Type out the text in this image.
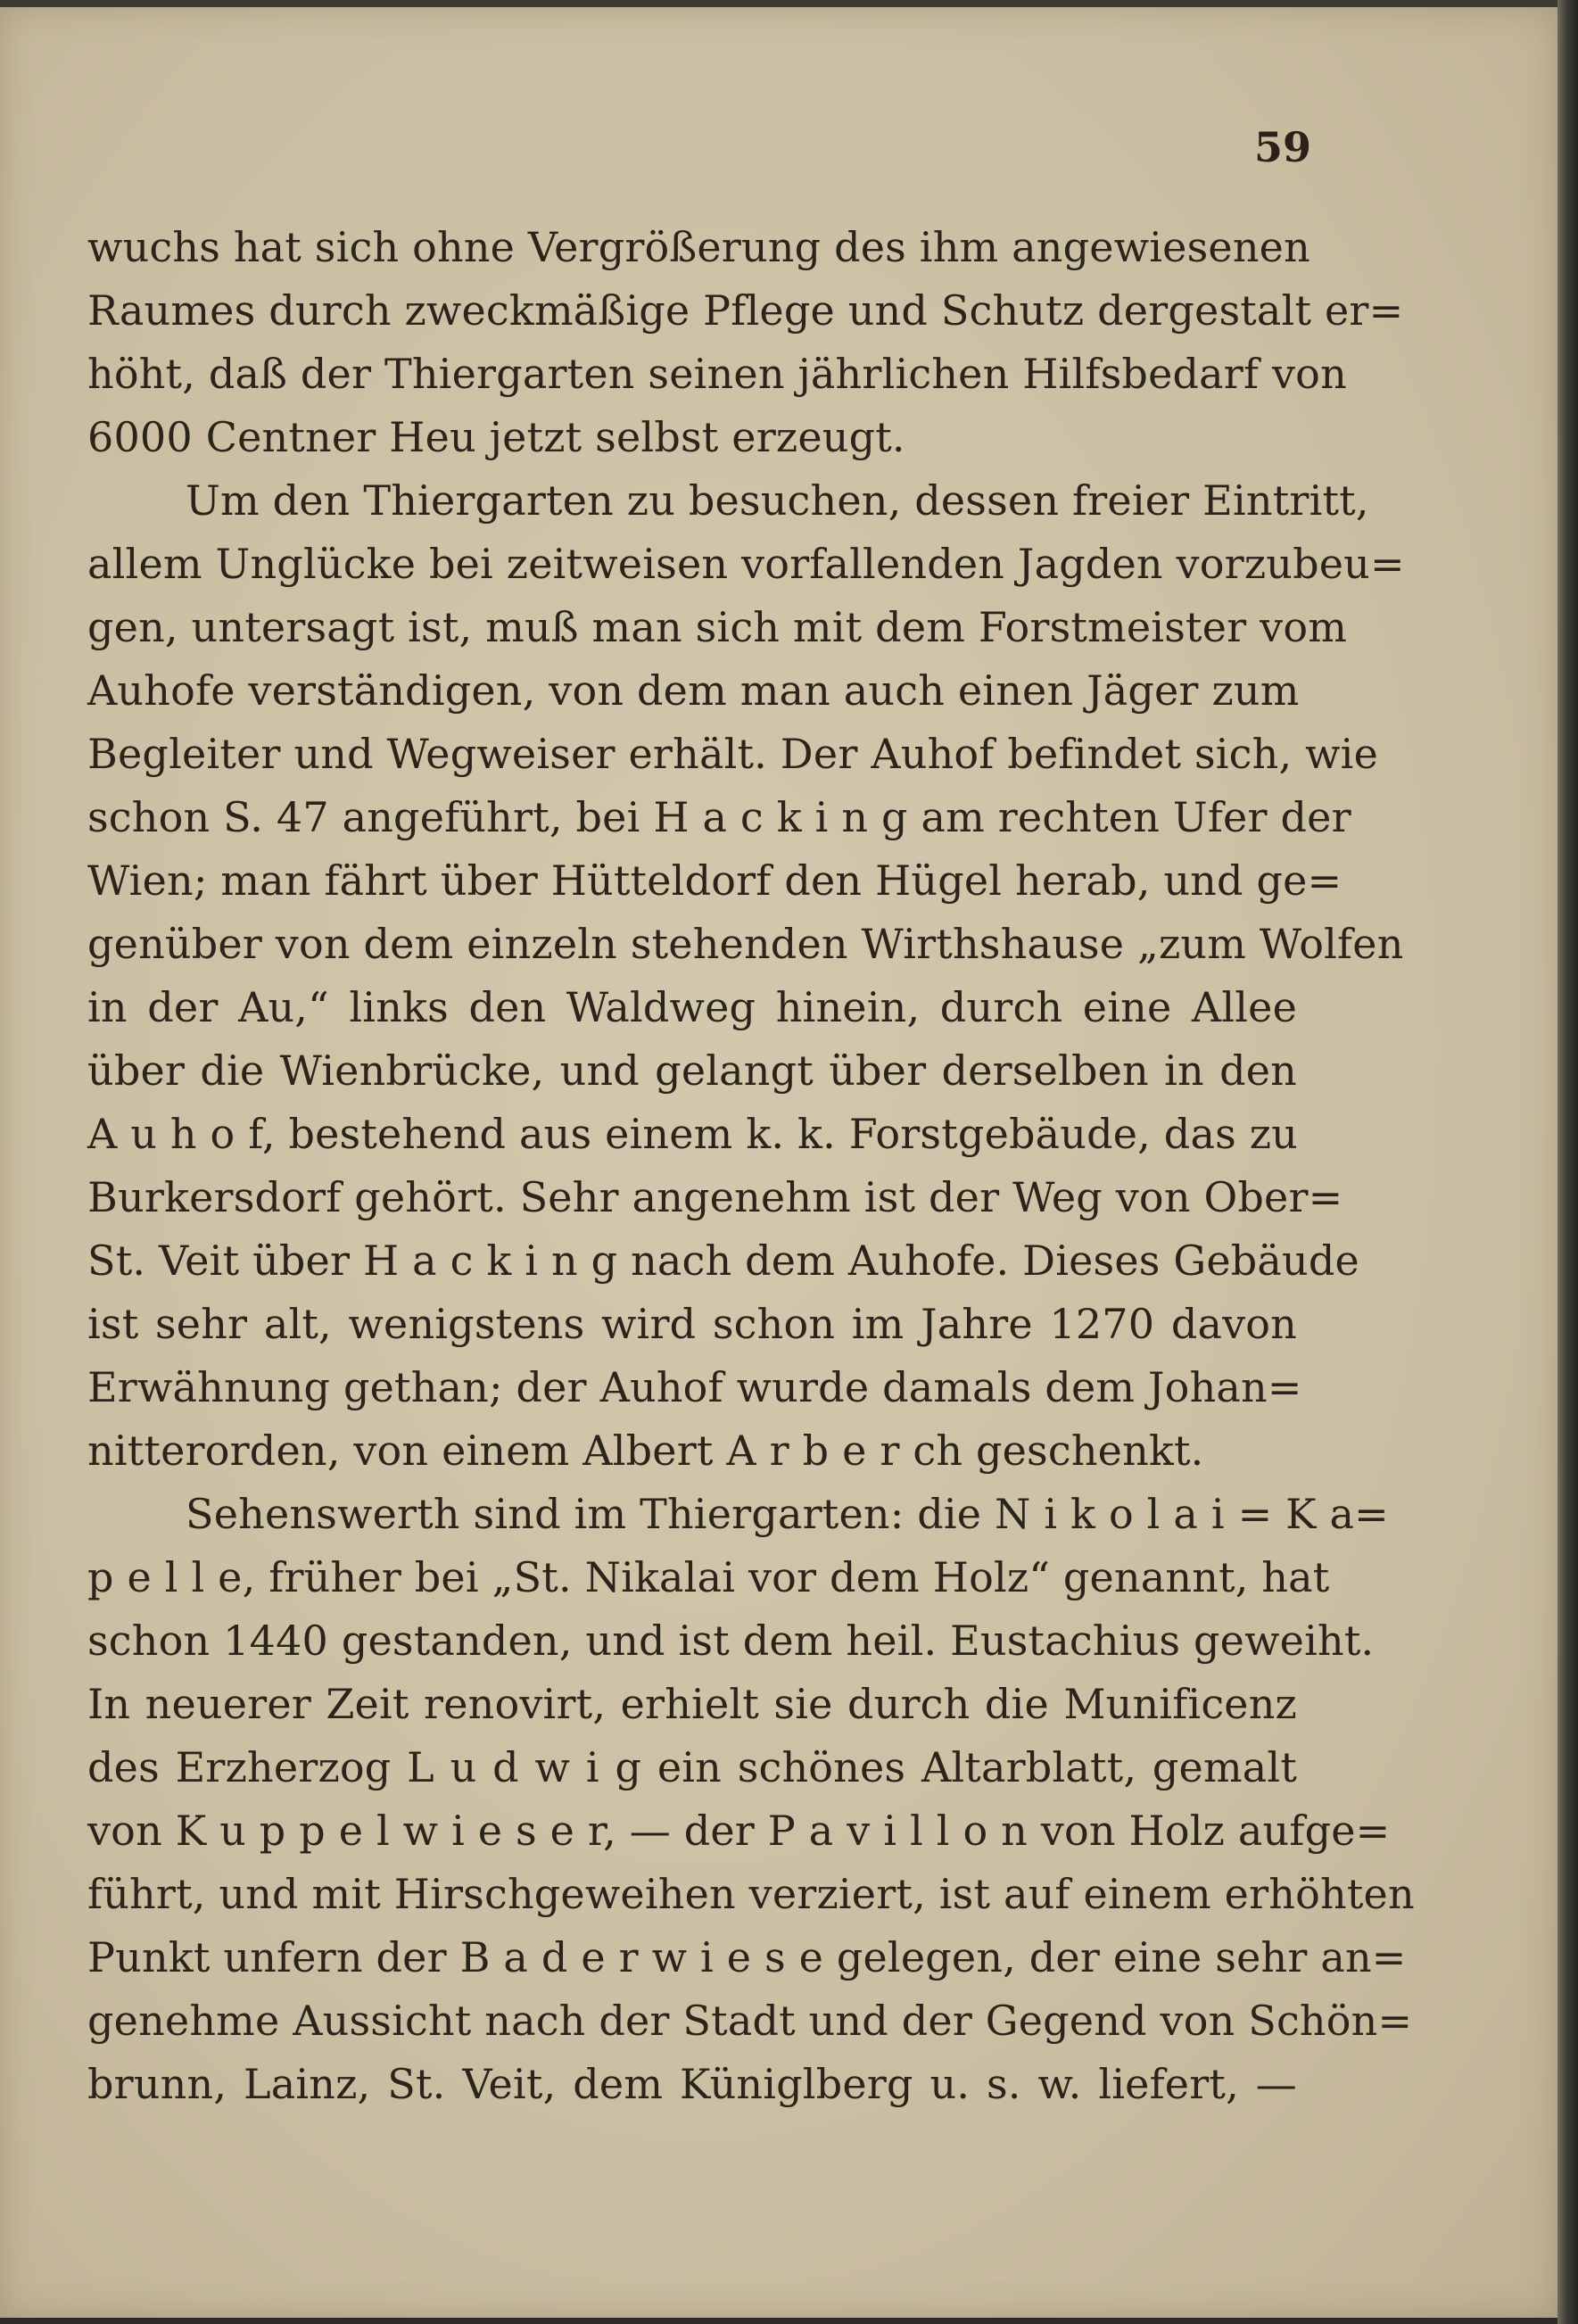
59
wuchs hat sich ohne Vergrößerung des ihm angewiesenen
Raumes durch zweckmäßige Pflege und Schutz dergestalt er=
höht, daß der Thiergarten seinen jährlichen Hilfsbedarf von
6000 Centner Heu jetzt selbst erzeugt.
Um den Thiergarten zu besuchen, dessen freier Eintritt,
allem Unglücke bei zeitweisen vorfallenden Jagden vorzubeu=
gen, untersagt ist, muß man sich mit dem Forstmeister vom
Auhofe verständigen, von dem man auch einen Jäger zum
Begleiter und Wegweiser erhält. Der Auhof befindet sich, wie
schon S. 47 angeführt, bei H a c k i n g am rechten Ufer der
Wien; man fährt über Hütteldorf den Hügel herab, und ge=
genüber von dem einzeln stehenden Wirthshause „zum Wolfen
in der Au,“ links den Waldweg hinein, durch eine Allee
über die Wienbrücke, und gelangt über derselben in den
A u h o f, bestehend aus einem k. k. Forstgebäude, das zu
Burkersdorf gehört. Sehr angenehm ist der Weg von Ober=
St. Veit über H a c k i n g nach dem Auhofe. Dieses Gebäude
ist sehr alt, wenigstens wird schon im Jahre 1270 davon
Erwähnung gethan; der Auhof wurde damals dem Johan=
nitterorden, von einem Albert A r b e r ch geschenkt.
Sehenswerth sind im Thiergarten: die N i k o l a i = K a=
p e l l e, früher bei „St. Nikalai vor dem Holz“ genannt, hat
schon 1440 gestanden, und ist dem heil. Eustachius geweiht.
In neuerer Zeit renovirt, erhielt sie durch die Munificenz
des Erzherzog L u d w i g ein schönes Altarblatt, gemalt
von K u p p e l w i e s e r, — der P a v i l l o n von Holz aufge=
führt, und mit Hirschgeweihen verziert, ist auf einem erhöhten
Punkt unfern der B a d e r w i e s e gelegen, der eine sehr an=
genehme Aussicht nach der Stadt und der Gegend von Schön=
brunn, Lainz, St. Veit, dem Küniglberg u. s. w. liefert, —
